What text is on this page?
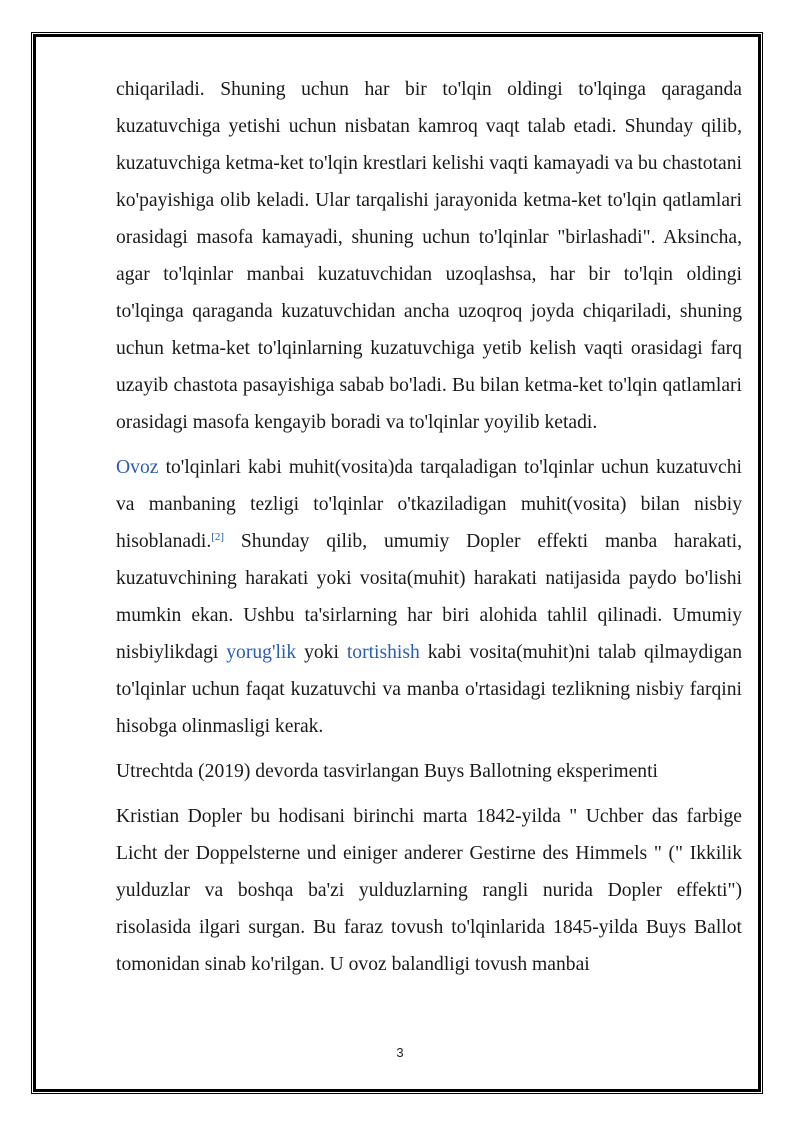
chiqariladi. Shuning uchun har bir to'lqin oldingi to'lqinga qaraganda kuzatuvchiga yetishi uchun nisbatan kamroq vaqt talab etadi. Shunday qilib, kuzatuvchiga ketma-ket to'lqin krestlari kelishi vaqti kamayadi va bu chastotani ko'payishiga olib keladi. Ular tarqalishi jarayonida ketma-ket to'lqin qatlamlari orasidagi masofa kamayadi, shuning uchun to'lqinlar "birlashadi". Aksincha, agar to'lqinlar manbai kuzatuvchidan uzoqlashsa, har bir to'lqin oldingi to'lqinga qaraganda kuzatuvchidan ancha uzoqroq joyda chiqariladi, shuning uchun ketma-ket to'lqinlarning kuzatuvchiga yetib kelish vaqti orasidagi farq uzayib chastota pasayishiga sabab bo'ladi. Bu bilan ketma-ket to'lqin qatlamlari orasidagi masofa kengayib boradi va to'lqinlar yoyilib ketadi.

Ovoz to'lqinlari kabi muhit(vosita)da tarqaladigan to'lqinlar uchun kuzatuvchi va manbaning tezligi to'lqinlar o'tkaziladigan muhit(vosita) bilan nisbiy hisoblanadi.[2] Shunday qilib, umumiy Dopler effekti manba harakati, kuzatuvchining harakati yoki vosita(muhit) harakati natijasida paydo bo'lishi mumkin ekan. Ushbu ta'sirlarning har biri alohida tahlil qilinadi. Umumiy nisbiylikdagi yorug'lik yoki tortishish kabi vosita(muhit)ni talab qilmaydigan to'lqinlar uchun faqat kuzatuvchi va manba o'rtasidagi tezlikning nisbiy farqini hisobga olinmasligi kerak.

Utrechtda (2019) devorda tasvirlangan Buys Ballotning eksperimenti

Kristian Dopler bu hodisani birinchi marta 1842-yilda " Uchber das farbige Licht der Doppelsterne und einiger anderer Gestirne des Himmels " (" Ikkilik yulduzlar va boshqa ba'zi yulduzlarning rangli nurida Dopler effekti") risolasida ilgari surgan. Bu faraz tovush to'lqinlarida 1845-yilda Buys Ballot tomonidan sinab ko'rilgan. U ovoz balandligi tovush manbai

3
